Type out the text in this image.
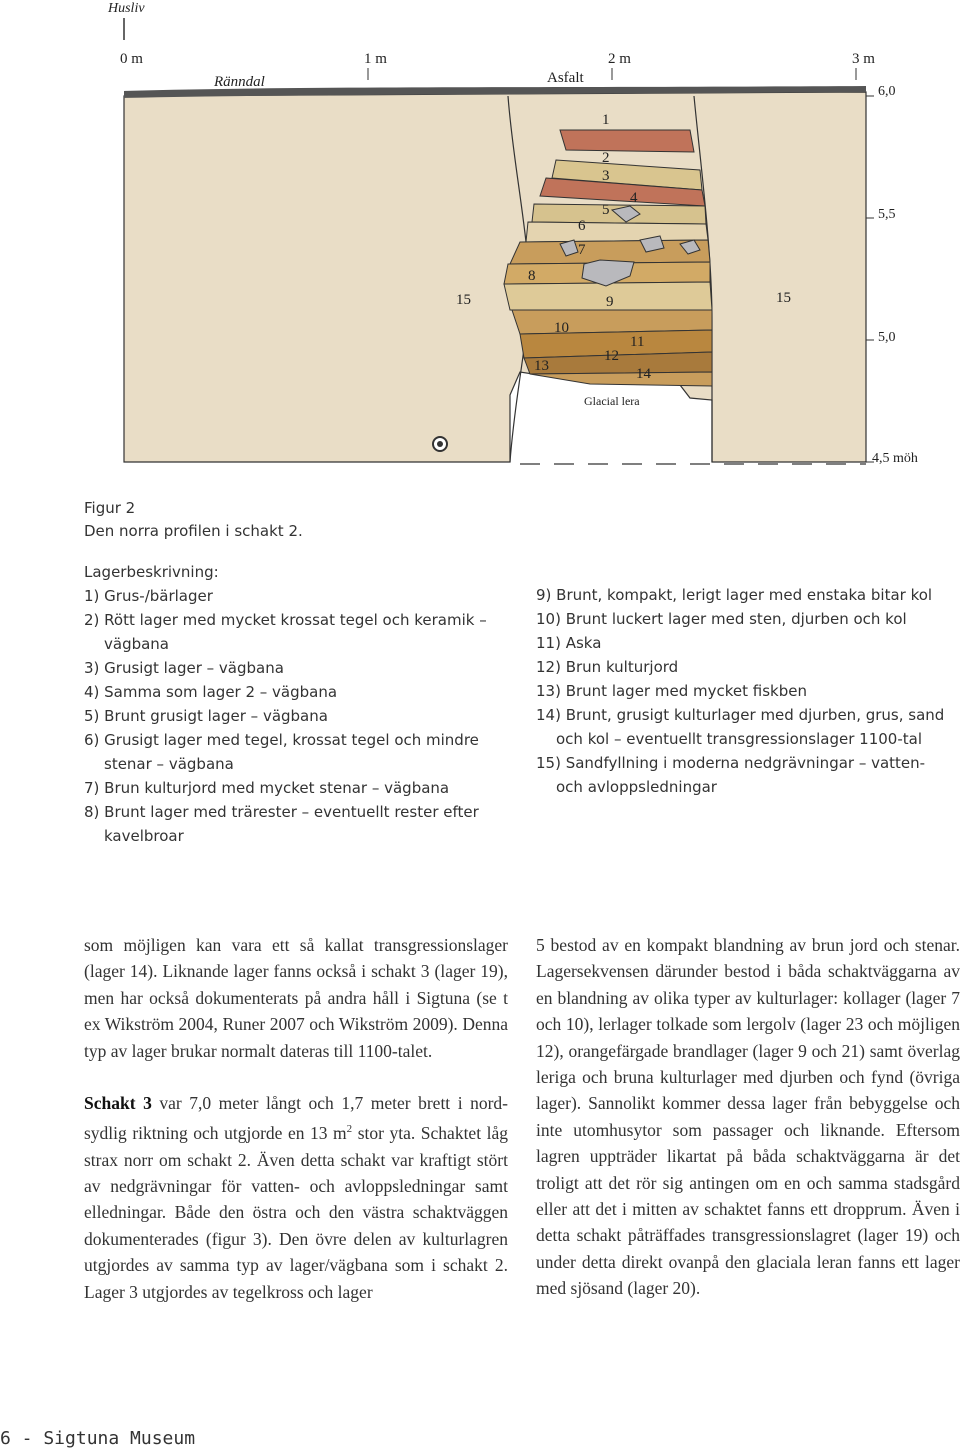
Husliv
0 m	1 m	2 m	3 m
Ränndal	Asfalt
1
2
3
4
5
6
7
8
9
10
11
12
13	14
15	15
Glacial lera
6,0
5,5
5,0
4,5 möh
Figur 2
Den norra profilen i schakt 2.
Lagerbeskrivning:
1) Grus-/bärlager
2) Rött lager med mycket krossat tegel och keramik – vägbana
3) Grusigt lager – vägbana
4) Samma som lager 2 – vägbana
5) Brunt grusigt lager – vägbana
6) Grusigt lager med tegel, krossat tegel och mindre stenar – vägbana
7) Brun kulturjord med mycket stenar – vägbana
8) Brunt lager med trärester – eventuellt rester efter kavelbroar
9) Brunt, kompakt, lerigt lager med enstaka bitar kol
10) Brunt luckert lager med sten, djurben och kol
11) Aska
12) Brun kulturjord
13) Brunt lager med mycket fiskben
14) Brunt, grusigt kulturlager med djurben, grus, sand och kol – eventuellt transgressionslager 1100-tal
15) Sandfyllning i moderna nedgrävningar – vatten- och avloppsledningar

som möjligen kan vara ett så kallat transgressionslager (lager 14). Liknande lager fanns också i schakt 3 (lager 19), men har också dokumenterats på andra håll i Sigtuna (se t ex Wikström 2004, Runer 2007 och Wikström 2009). Denna typ av lager brukar normalt dateras till 1100-talet.

Schakt 3 var 7,0 meter långt och 1,7 meter brett i nord-sydlig riktning och utgjorde en 13 $m^2$ stor yta. Schaktet låg strax norr om schakt 2. Även detta schakt var kraftigt stört av nedgrävningar för vatten- och avloppsledningar samt elledningar. Både den östra och den västra schaktväggen dokumenterades (figur 3). Den övre delen av kulturlagren utgjordes av samma typ av lager/vägbana som i schakt 2. Lager 3 utgjordes av tegelkross och lager

5 bestod av en kompakt blandning av brun jord och stenar. Lagersekvensen därunder bestod i båda schaktväggarna av en blandning av olika typer av kulturlager: kollager (lager 7 och 10), lerlager tolkade som lergolv (lager 23 och möjligen 12), orangefärgade brandlager (lager 9 och 21) samt överlag leriga och bruna kulturlager med djurben och fynd (övriga lager). Sannolikt kommer dessa lager från bebyggelse och inte utomhusytor som passager och liknande. Eftersom lagren uppträder likartat på båda schaktväggarna är det troligt att det rör sig antingen om en och samma stadsgård eller att det i mitten av schaktet fanns ett dropprum. Även i detta schakt påträffades transgressionslagret (lager 19) och under detta direkt ovanpå den glaciala leran fanns ett lager med sjösand (lager 20).

6 - Sigtuna Museum
